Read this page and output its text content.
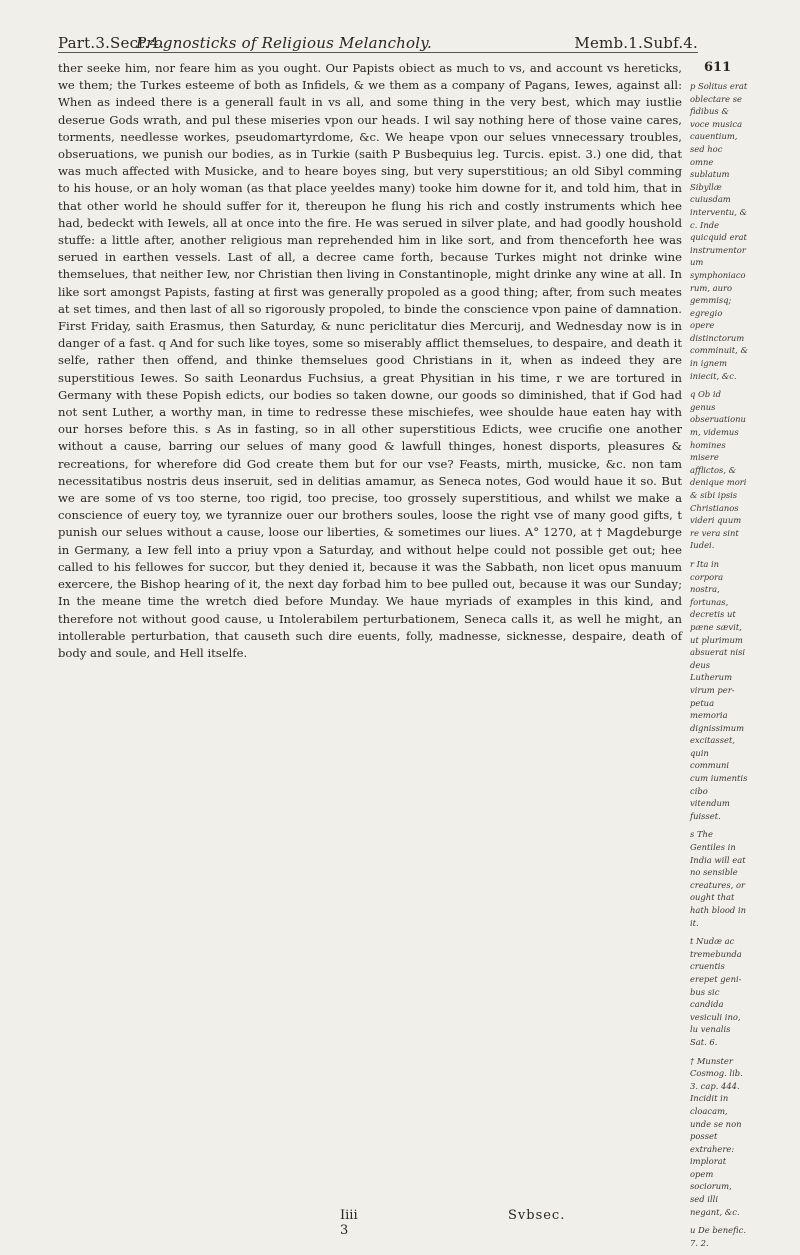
Part.3.Sect.4.
Prognosticks of Religious Melancholy.	Memb.1.Subf.4.
611

ther seeke him, nor feare him as you ought. Our Papists obiect as much to vs, and account vs hereticks, we them; the Turkes esteeme of both as Infidels, & we them as a company of Pagans, Iewes, against all: When as indeed there is a generall fault in vs all, and some thing in the very best, which may iustlie deserue Gods wrath, and pul these miseries vpon our heads. I wil say nothing here of those vaine cares, torments, needlesse workes, pseudomartyrdome, &c. We heape vpon our selues vnnecessary troubles, obseruations, we punish our bodies, as in Turkie (saith P Busbequius leg. Turcis. epist. 3.) one did, that was much affected with Musicke, and to heare boyes sing, but very superstitious; an old Sibyl comming to his house, or an holy woman (as that place yeeldes many) tooke him downe for it, and told him, that in that other world he should suffer for it, thereupon he flung his rich and costly instruments which hee had, bedeckt with Iewels, all at once into the fire. He was serued in silver plate, and had goodly houshold stuffe: a little after, another religious man reprehended him in like sort, and from thenceforth hee was serued in earthen vessels. Last of all, a decree came forth, because Turkes might not drinke wine themselues, that neither Iew, nor Christian then living in Constantinople, might drinke any wine at all. In like sort amongst Papists, fasting at first was generally propoled as a good thing; after, from such meates at set times, and then last of all so rigorously propoled, to binde the conscience vpon paine of damnation. First Friday, saith Erasmus, then Saturday, & nunc periclitatur dies Mercurij, and Wednesday now is in danger of a fast. q And for such like toyes, some so miserably afflict themselues, to despaire, and death it selfe, rather then offend, and thinke themselues good Christians in it, when as indeed they are superstitious Iewes. So saith Leonardus Fuchsius, a great Physitian in his time, r we are tortured in Germany with these Popish edicts, our bodies so taken downe, our goods so diminished, that if God had not sent Luther, a worthy man, in time to redresse these mischiefes, wee shoulde haue eaten hay with our horses before this. s As in fasting, so in all other superstitious Edicts, wee crucifie one another without a cause, barring our selues of many good & lawfull thinges, honest disports, pleasures & recreations, for wherefore did God create them but for our vse? Feasts, mirth, musicke, &c. non tam necessitatibus nostris deus inseruit, sed in delitias amamur, as Seneca notes, God would haue it so. But we are some of vs too sterne, too rigid, too precise, too grossely superstitious, and whilst we make a conscience of euery toy, we tyrannize ouer our brothers soules, loose the right vse of many good gifts, t punish our selues without a cause, loose our liberties, & sometimes our liues. A° 1270, at † Magdeburge in Germany, a Iew fell into a priuy vpon a Saturday, and without helpe could not possible get out; hee called to his fellowes for succor, but they denied it, because it was the Sabbath, non licet opus manuum exercere, the Bishop hearing of it, the next day forbad him to bee pulled out, because it was our Sunday; In the meane time the wretch died before Munday. We haue myriads of examples in this kind, and therefore not without good cause, u Intolerabilem perturbationem, Seneca calls it, as well he might, an intollerable perturbation, that causeth such dire euents, folly, madnesse, sicknesse, despaire, death of body and soule, and Hell itselfe.

p Solitus erat oblectare se fidibus & voce musica cauentium, sed hoc omne sublatum Sibyllæ cuiusdam interventu, & c. Inde quicquid erat instrumentorum symphoniacorum, auro gemmisq; egregio opere distinctorum comminuit, & in ignem iniecit, &c.
q Ob id genus obseruationum, videmus homines misere afflictos, & denique mori & sibi ipsis Christianos videri quum re vera sint Iudei.
r Ita in corpora nostra, fortunas, decretis ut pæne sævit, ut plurimum absuerat nisi deus Lutherum virum per-petua memoria dignissimum excitasset, quin communi cum iumentis cibo vitendum fuisset.
s The Gentiles in India will eat no sensible creatures, or ought that hath blood in it.
t Nudæ ac tremebunda cruentis erepet geni-bus sic candida vesiculi ino, lu venalis Sat. 6.
† Munster Cosmog. lib. 3. cap. 444. Incidit in cloacam, unde se non posset extrahere: implorat opem sociorum, sed illi negant, &c.
u De benefic. 7. 2.
Iiii 3
Svbsec.
